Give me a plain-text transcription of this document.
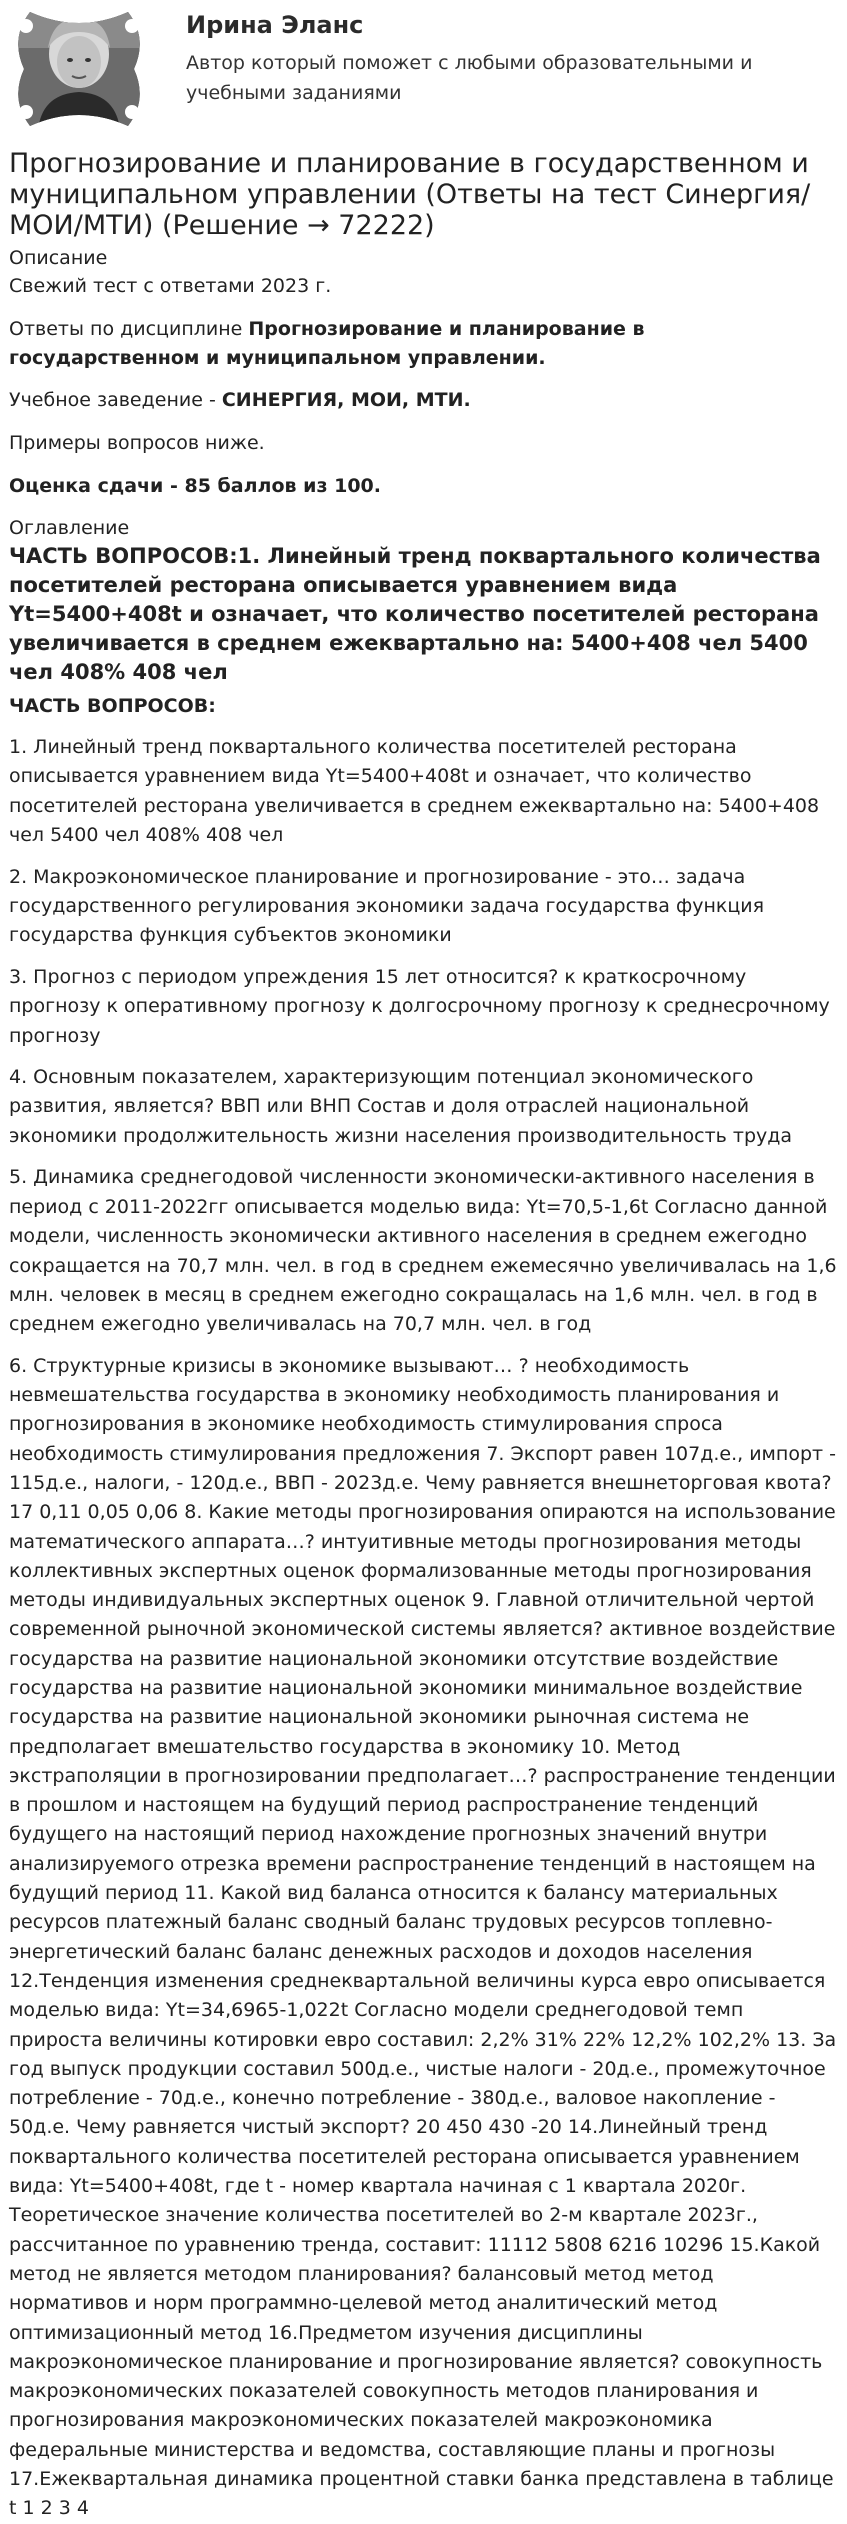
Ирина Эланс
Автор который поможет с любыми образовательными и учебными заданиями
Прогнозирование и планирование в государственном и муниципальном управлении (Ответы на тест Синергия/МОИ/МТИ) (Решение → 72222)
Описание
Свежий тест с ответами 2023 г.

Ответы по дисциплине Прогнозирование и планирование в государственном и муниципальном управлении.

Учебное заведение - СИНЕРГИЯ, МОИ, МТИ.

Примеры вопросов ниже.

Оценка сдачи - 85 баллов из 100.

Оглавление
ЧАСТЬ ВОПРОСОВ:1. Линейный тренд поквартального количества посетителей ресторана описывается уравнением вида Yt=5400+408t и означает, что количество посетителей ресторана увеличивается в среднем ежеквартально на: 5400+408 чел 5400 чел 408% 408 чел
ЧАСТЬ ВОПРОСОВ:

1. Линейный тренд поквартального количества посетителей ресторана описывается уравнением вида Yt=5400+408t и означает, что количество посетителей ресторана увеличивается в среднем ежеквартально на: 5400+408 чел 5400 чел 408% 408 чел

2. Макроэкономическое планирование и прогнозирование - это… задача государственного регулирования экономики задача государства функция государства функция субъектов экономики

3. Прогноз с периодом упреждения 15 лет относится? к краткосрочному прогнозу к оперативному прогнозу к долгосрочному прогнозу к среднесрочному прогнозу

4. Основным показателем, характеризующим потенциал экономического развития, является? ВВП или ВНП Состав и доля отраслей национальной экономики продолжительность жизни населения производительность труда

5. Динамика среднегодовой численности экономически-активного населения в период с 2011-2022гг описывается моделью вида: Yt=70,5-1,6t Согласно данной модели, численность экономически активного населения в среднем ежегодно сокращается на 70,7 млн. чел. в год в среднем ежемесячно увеличивалась на 1,6 млн. человек в месяц в среднем ежегодно сокращалась на 1,6 млн. чел. в год в среднем ежегодно увеличивалась на 70,7 млн. чел. в год

6. Структурные кризисы в экономике вызывают… ? необходимость невмешательства государства в экономику необходимость планирования и прогнозирования в экономике необходимость стимулирования спроса необходимость стимулирования предложения 7. Экспорт равен 107д.е., импорт - 115д.е., налоги, - 120д.е., ВВП - 2023д.е. Чему равняется внешнеторговая квота? 17 0,11 0,05 0,06 8. Какие методы прогнозирования опираются на использование математического аппарата…? интуитивные методы прогнозирования методы коллективных экспертных оценок формализованные методы прогнозирования методы индивидуальных экспертных оценок 9. Главной отличительной чертой современной рыночной экономической системы является? активное воздействие государства на развитие национальной экономики отсутствие воздействие государства на развитие национальной экономики минимальное воздействие государства на развитие национальной экономики рыночная система не предполагает вмешательство государства в экономику 10. Метод экстраполяции в прогнозировании предполагает…? распространение тенденции в прошлом и настоящем на будущий период распространение тенденций будущего на настоящий период нахождение прогнозных значений внутри анализируемого отрезка времени распространение тенденций в настоящем на будущий период 11. Какой вид баланса относится к балансу материальных ресурсов платежный баланс сводный баланс трудовых ресурсов топлевно-энергетический баланс баланс денежных расходов и доходов населения 12.Тенденция изменения среднеквартальной величины курса евро описывается моделью вида: Yt=34,6965-1,022t Согласно модели среднегодовой темп прироста величины котировки евро составил: 2,2% 31% 22% 12,2% 102,2% 13. За год выпуск продукции составил 500д.е., чистые налоги - 20д.е., промежуточное потребление - 70д.е., конечно потребление - 380д.е., валовое накопление - 50д.е. Чему равняется чистый экспорт? 20 450 430 -20 14.Линейный тренд поквартального количества посетителей ресторана описывается уравнением вида: Yt=5400+408t, где t - номер квартала начиная с 1 квартала 2020г. Теоретическое значение количества посетителей во 2-м квартале 2023г., рассчитанное по уравнению тренда, составит: 11112 5808 6216 10296 15.Какой метод не является методом планирования? балансовый метод метод нормативов и норм программно-целевой метод аналитический метод оптимизационный метод 16.Предметом изучения дисциплины макроэкономическое планирование и прогнозирование является? совокупность макроэкономических показателей совокупность методов планирования и прогнозирования макроэкономических показателей макроэкономика федеральные министерства и ведомства, составляющие планы и прогнозы 17.Ежеквартальная динамика процентной ставки банка представлена в таблице t 1 2 3 4
